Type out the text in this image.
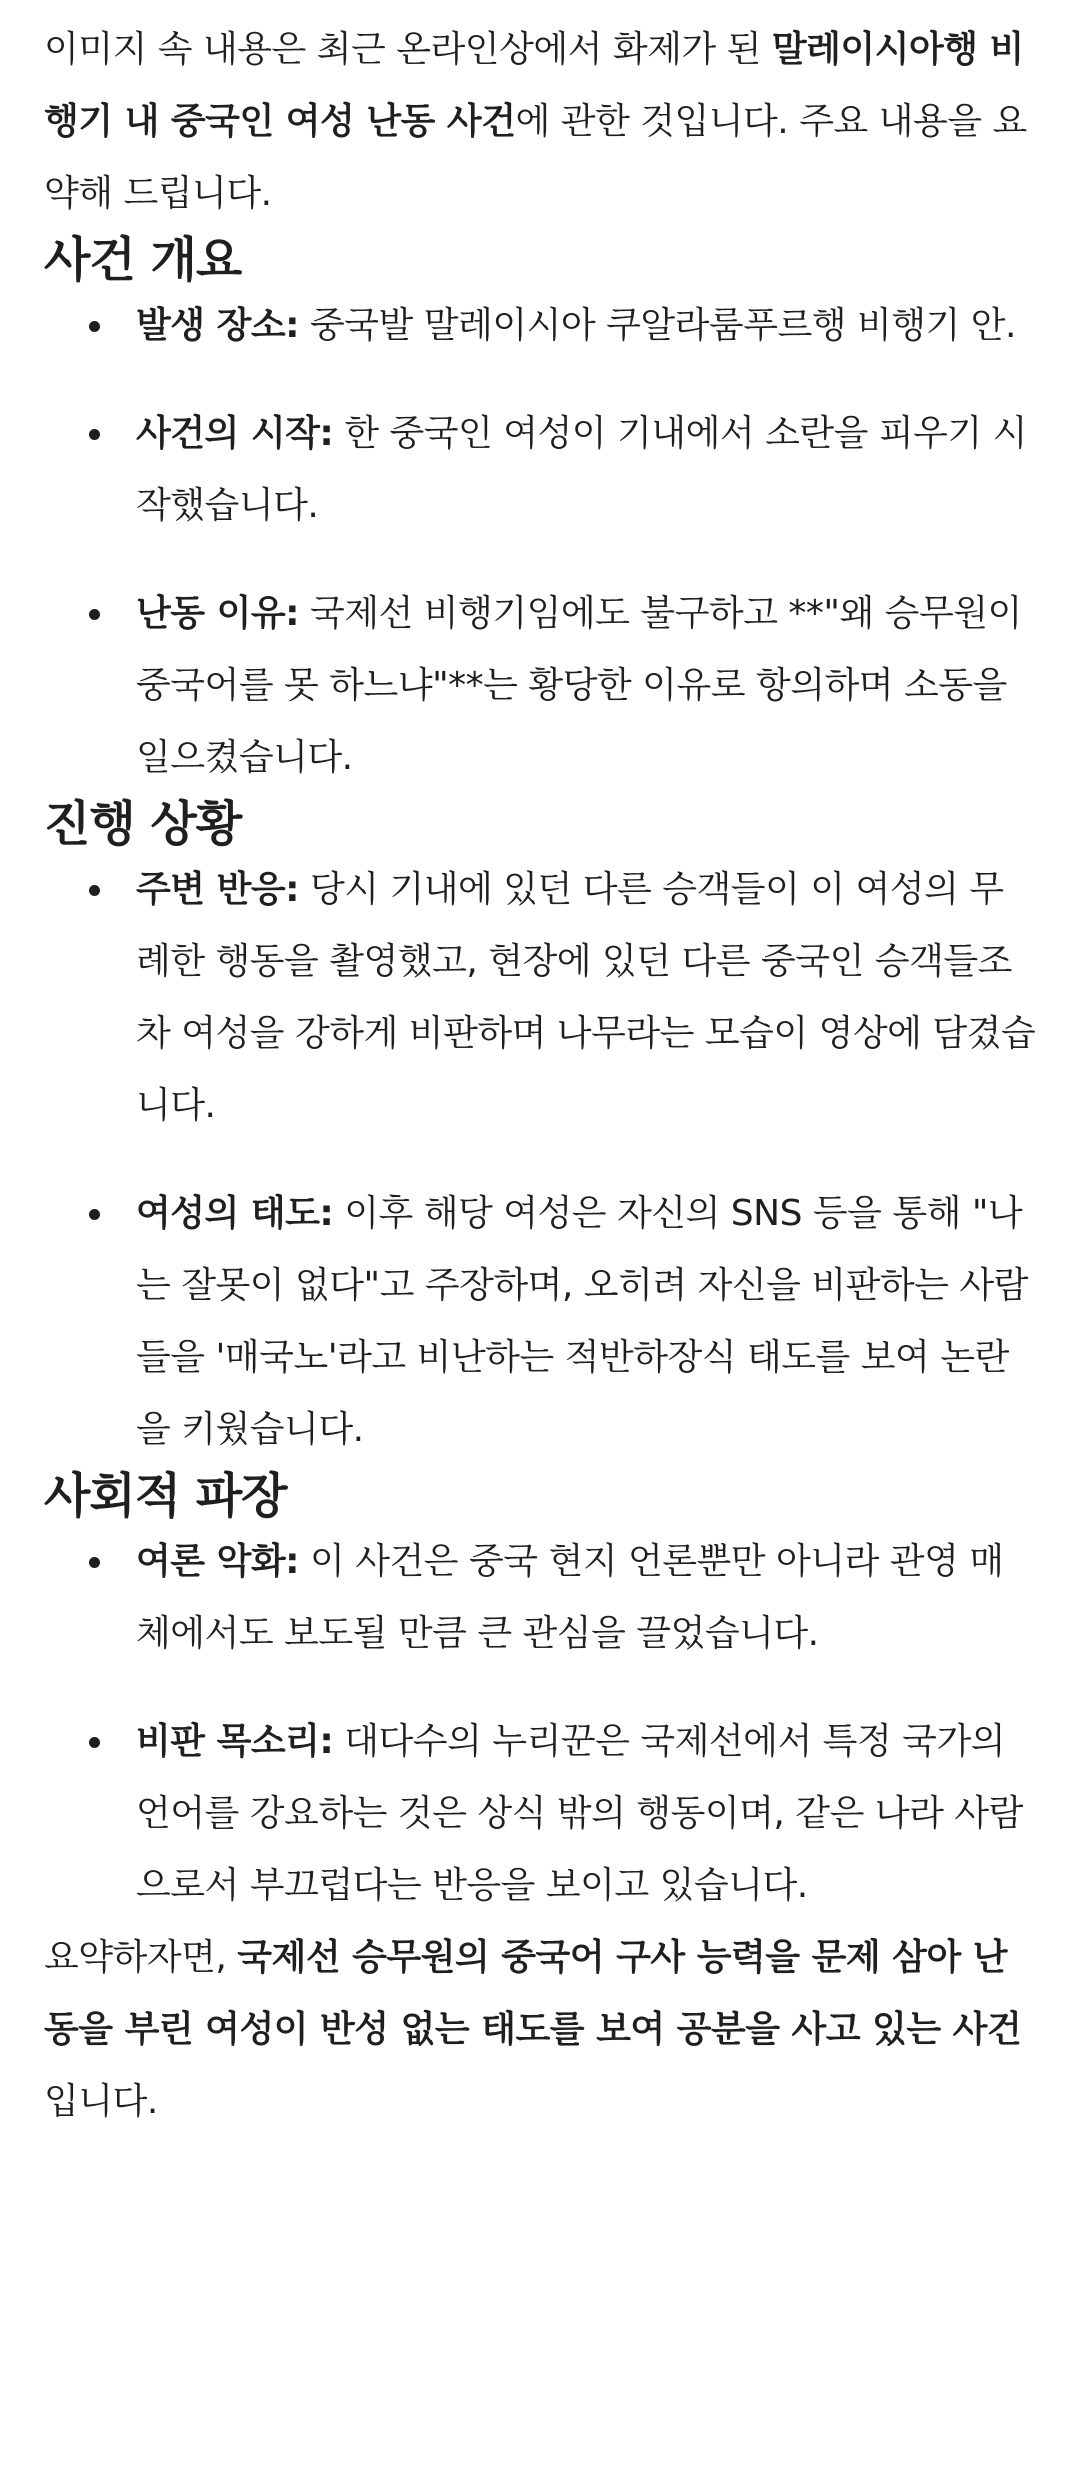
이미지 속 내용은 최근 온라인상에서 화제가 된 말레이시아행 비행기 내 중국인 여성 난동 사건에 관한 것입니다. 주요 내용을 요약해 드립니다.

사건 개요
발생 장소: 중국발 말레이시아 쿠알라룸푸르행 비행기 안.
사건의 시작: 한 중국인 여성이 기내에서 소란을 피우기 시작했습니다.
난동 이유: 국제선 비행기임에도 불구하고 **"왜 승무원이 중국어를 못 하느냐"**는 황당한 이유로 항의하며 소동을 일으켰습니다.
진행 상황
주변 반응: 당시 기내에 있던 다른 승객들이 이 여성의 무례한 행동을 촬영했고, 현장에 있던 다른 중국인 승객들조차 여성을 강하게 비판하며 나무라는 모습이 영상에 담겼습니다.
여성의 태도: 이후 해당 여성은 자신의 SNS 등을 통해 "나는 잘못이 없다"고 주장하며, 오히려 자신을 비판하는 사람들을 '매국노'라고 비난하는 적반하장식 태도를 보여 논란을 키웠습니다.
사회적 파장
여론 악화: 이 사건은 중국 현지 언론뿐만 아니라 관영 매체에서도 보도될 만큼 큰 관심을 끌었습니다.
비판 목소리: 대다수의 누리꾼은 국제선에서 특정 국가의 언어를 강요하는 것은 상식 밖의 행동이며, 같은 나라 사람으로서 부끄럽다는 반응을 보이고 있습니다.

요약하자면, 국제선 승무원의 중국어 구사 능력을 문제 삼아 난동을 부린 여성이 반성 없는 태도를 보여 공분을 사고 있는 사건입니다.
